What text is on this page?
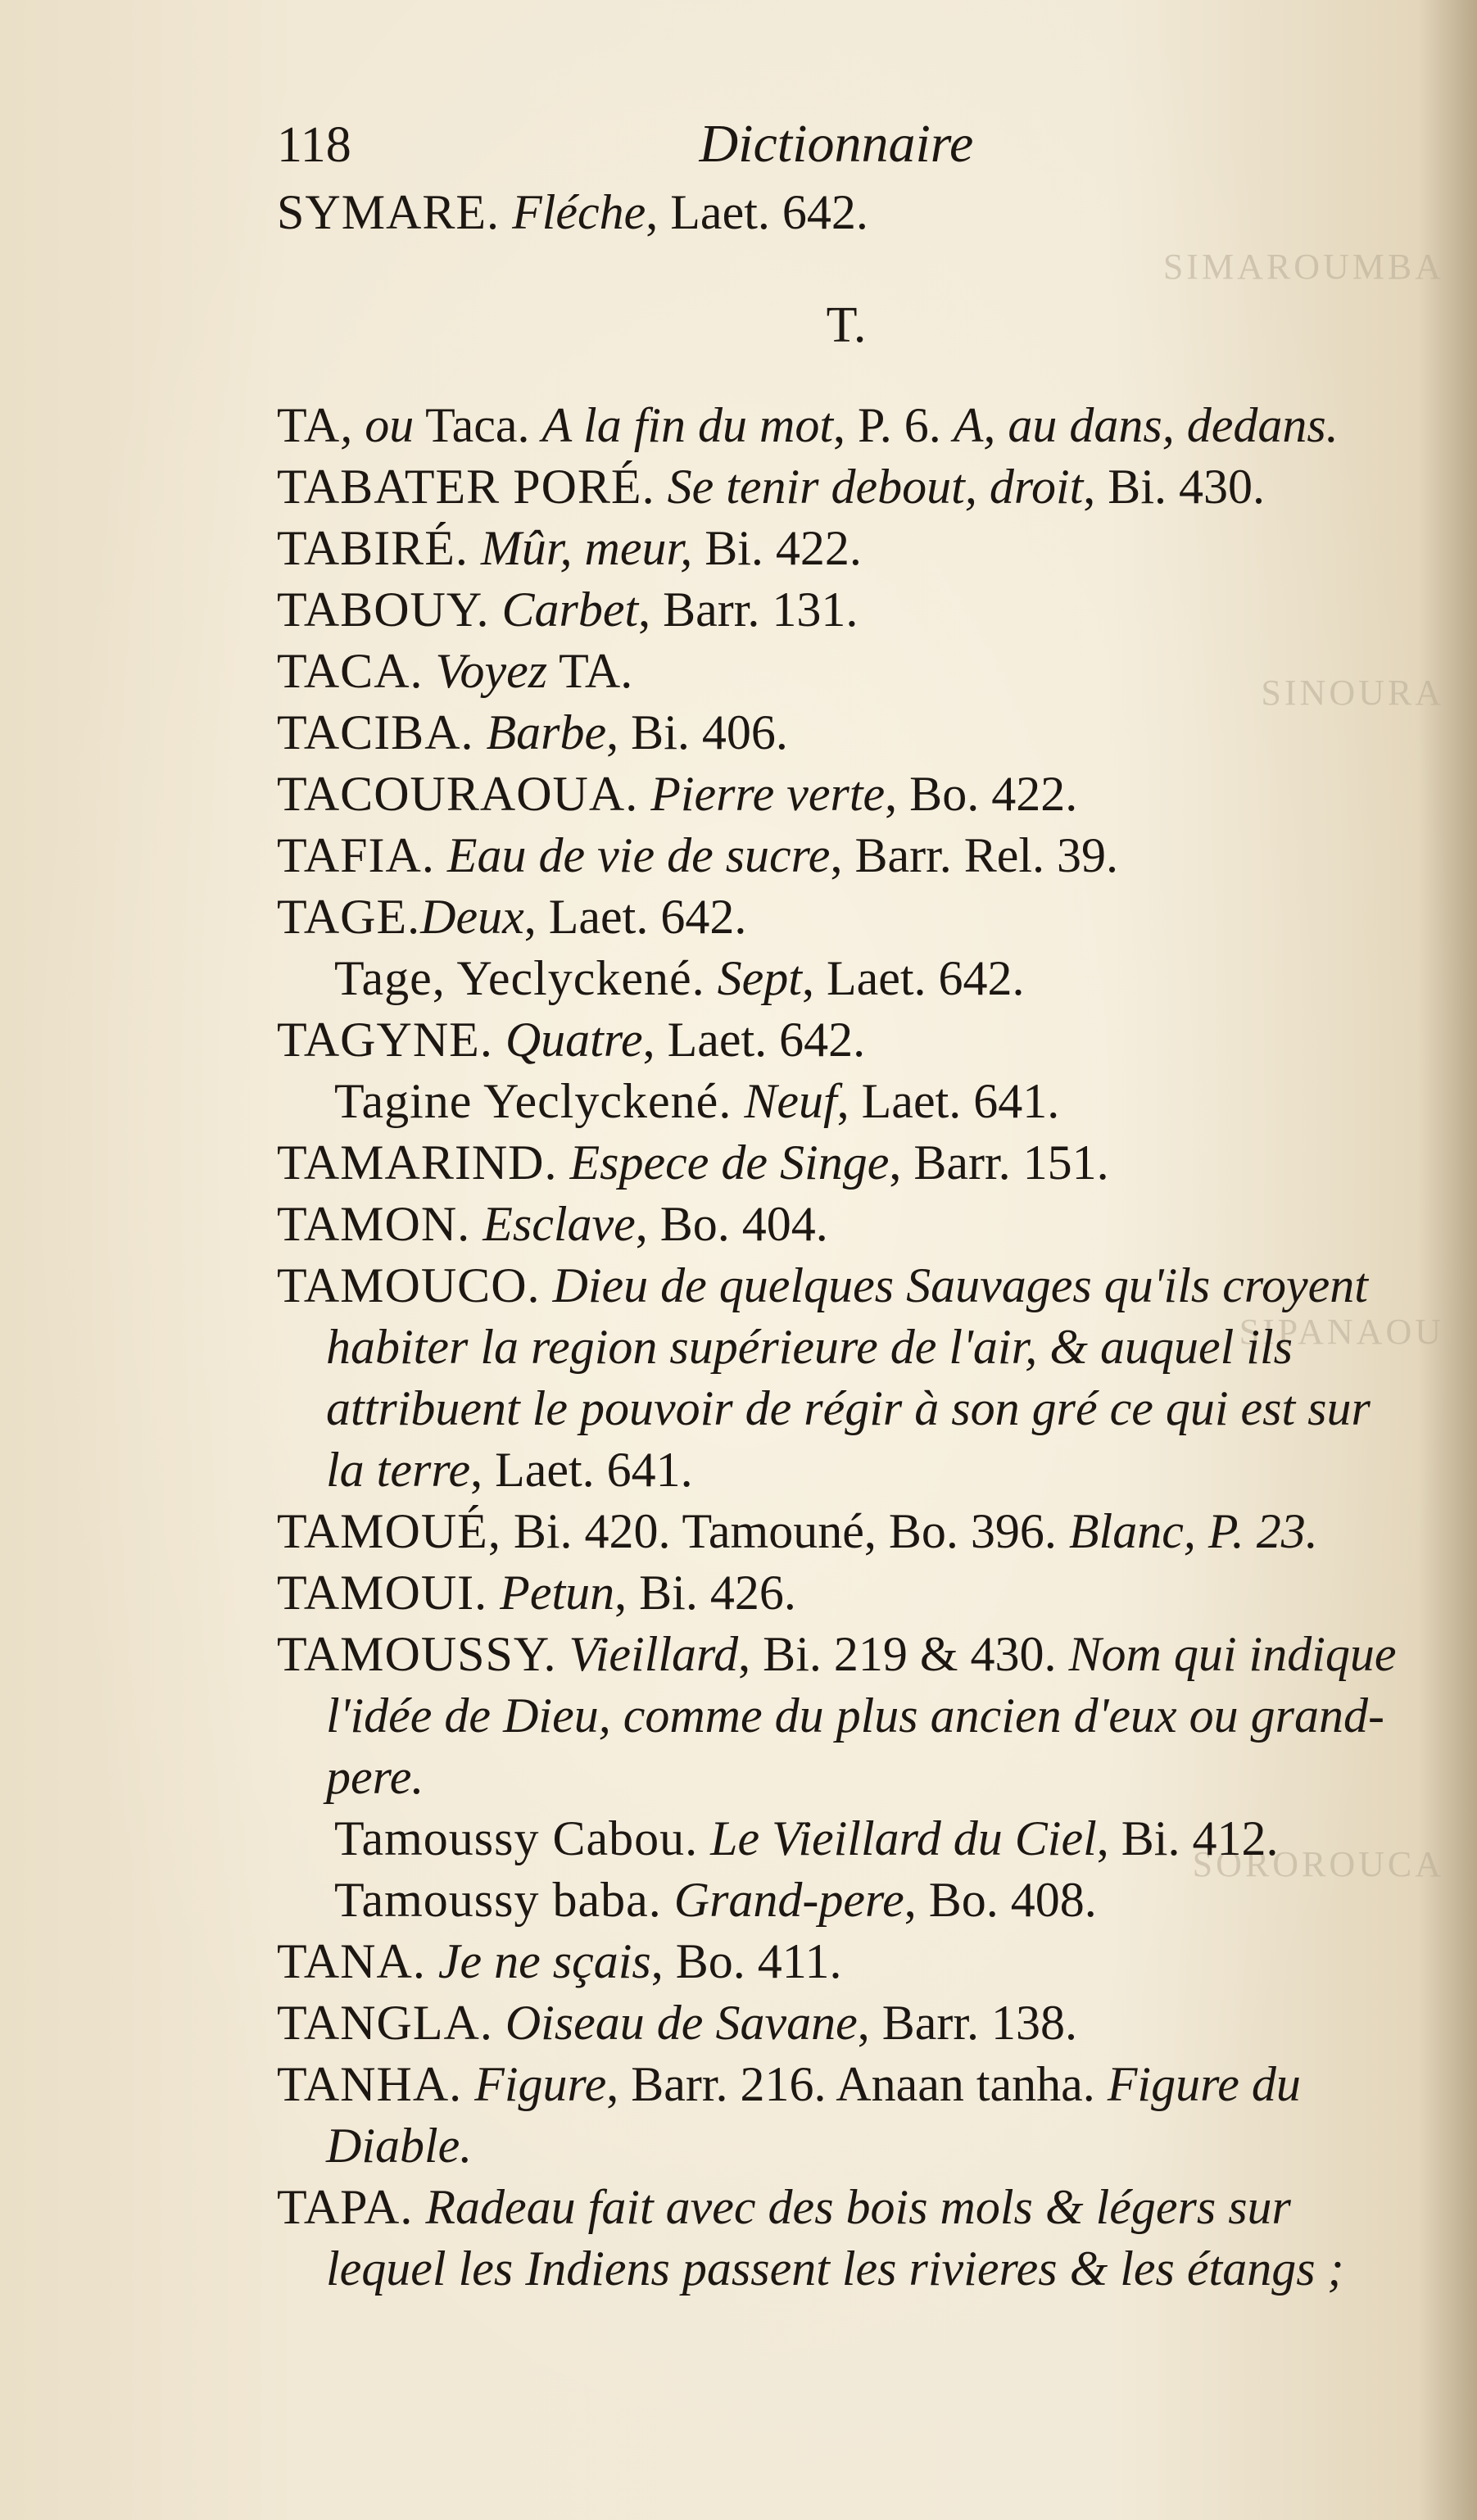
SIMAROUMBA
SINOURA
SIPANAOU
SOROROUCA
118	Dictionnaire

SYMARE. Fléche, Laet. 642.

T.

TA, ou Taca. A la fin du mot, P. 6. A, au dans, dedans.

TABATER PORÉ. Se tenir debout, droit, Bi. 430.

TABIRÉ. Mûr, meur, Bi. 422.

TABOUY. Carbet, Barr. 131.

TACA. Voyez TA.

TACIBA. Barbe, Bi. 406.

TACOURAOUA. Pierre verte, Bo. 422.

TAFIA. Eau de vie de sucre, Barr. Rel. 39.

TAGE.Deux, Laet. 642.

Tage, Yeclyckené. Sept, Laet. 642.

TAGYNE. Quatre, Laet. 642.

Tagine Yeclyckené. Neuf, Laet. 641.

TAMARIND. Espece de Singe, Barr. 151.

TAMON. Esclave, Bo. 404.

TAMOUCO. Dieu de quelques Sauvages qu'ils croyent habiter la region supérieure de l'air, & auquel ils attribuent le pouvoir de régir à son gré ce qui est sur la terre, Laet. 641.

TAMOUÉ, Bi. 420. Tamouné, Bo. 396. Blanc, P. 23.

TAMOUI. Petun, Bi. 426.

TAMOUSSY. Vieillard, Bi. 219 & 430. Nom qui indique l'idée de Dieu, comme du plus ancien d'eux ou grand-pere.

Tamoussy Cabou. Le Vieillard du Ciel, Bi. 412.

Tamoussy baba. Grand-pere, Bo. 408.

TANA. Je ne sçais, Bo. 411.

TANGLA. Oiseau de Savane, Barr. 138.

TANHA. Figure, Barr. 216. Anaan tanha. Figure du Diable.

TAPA. Radeau fait avec des bois mols & légers sur lequel les Indiens passent les rivieres & les étangs ;
